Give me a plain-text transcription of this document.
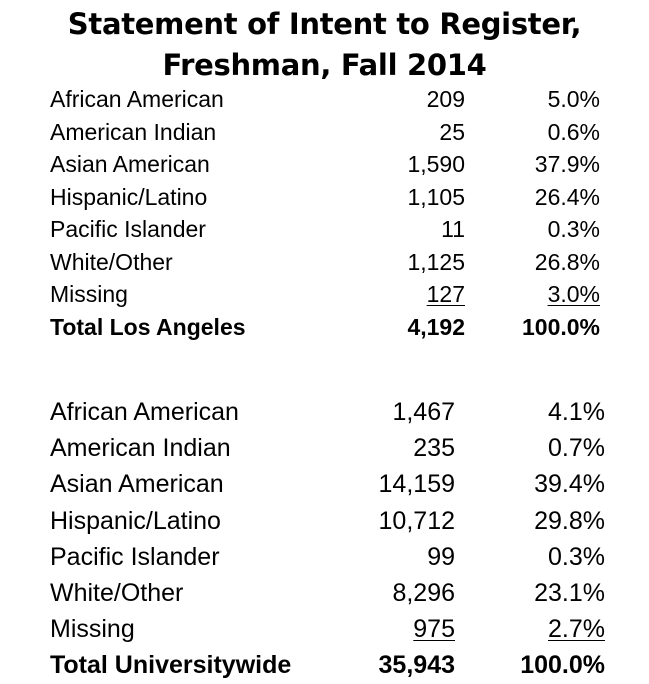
Statement of Intent to Register,
Freshman, Fall 2014
African American	209	5.0%
American Indian	25	0.6%
Asian American	1,590	37.9%
Hispanic/Latino	1,105	26.4%
Pacific Islander	11	0.3%
White/Other	1,125	26.8%
Missing	127	3.0%
Total Los Angeles	4,192 100.0%
African American	1,467	4.1%
American Indian	235	0.7%
Asian American	14,159	39.4%
Hispanic/Latino	10,712	29.8%
Pacific Islander	99	0.3%
White/Other	8,296	23.1%
Missing	975	2.7%
Total Universitywide	35,943	100.0%
